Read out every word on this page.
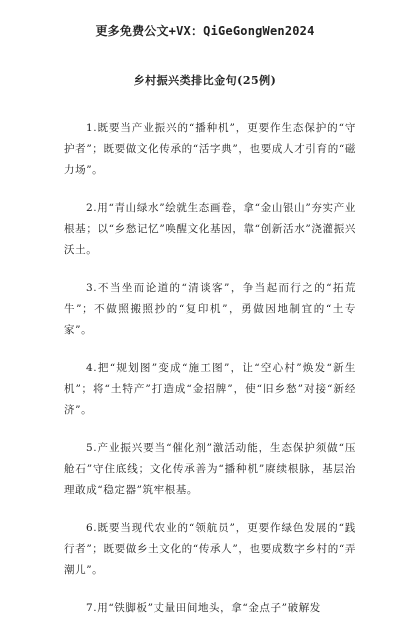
更多免费公文+VX：QiGeGongWen2024
乡村振兴类排比金句(25例)

1.既要当产业振兴的“播种机”，更要作生态保护的“守护者”；既要做文化传承的“活字典”，也要成人才引育的“磁力场”。

2.用“青山绿水”绘就生态画卷，拿“金山银山”夯实产业根基；以“乡愁记忆”唤醒文化基因，靠“创新活水”浇灌振兴沃土。

3.不当坐而论道的“清谈客”，争当起而行之的“拓荒牛”；不做照搬照抄的“复印机”，勇做因地制宜的“土专家”。

4.把“规划图”变成“施工图”，让“空心村”焕发“新生机”；将“土特产”打造成“金招牌”，使“旧乡愁”对接“新经济”。

5.产业振兴要当“催化剂”激活动能，生态保护须做“压舱石”守住底线；文化传承善为“播种机”赓续根脉，基层治理敢成“稳定器”筑牢根基。

6.既要当现代农业的“领航员”，更要作绿色发展的“践行者”；既要做乡土文化的“传承人”，也要成数字乡村的“弄潮儿”。

7.用“铁脚板”丈量田间地头，拿“金点子”破解发
